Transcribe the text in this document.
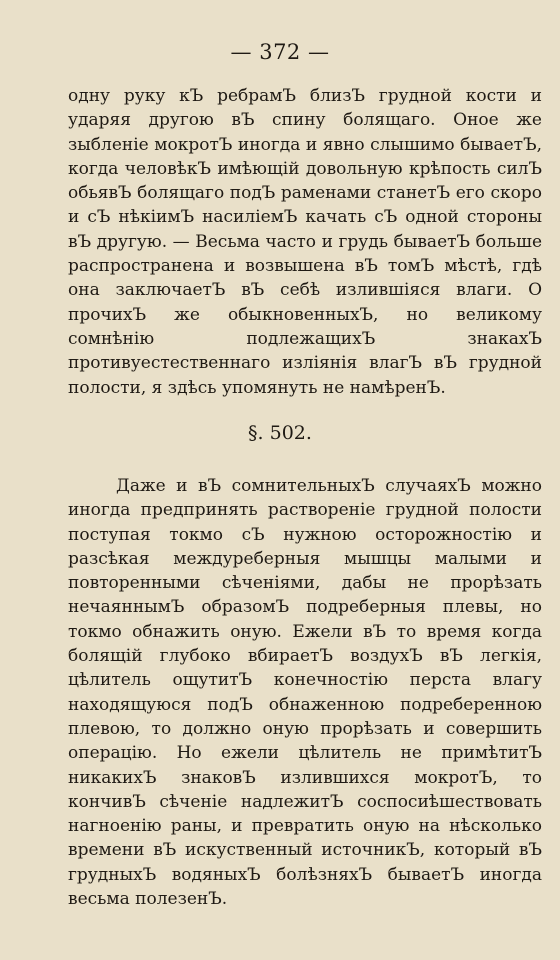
— 372 —

одну руку кЪ ребрамЪ близЪ грудной кости и ударяя другою вЪ спину болящаго. Оное же зыбленіе мокротЪ иногда и явно слышимо бываетЪ, когда человѣкЪ имѣющій довольную крѣпость силЪ обьявЪ болящаго подЪ раменами станетЪ его скоро и сЪ нѣкіимЪ насиліемЪ качать сЪ одной стороны вЪ другую. — Весьма часто и грудь бываетЪ больше распространена и возвышена вЪ томЪ мѣстѣ, гдѣ она заключаетЪ вЪ себѣ излившіяся влаги. О прочихЪ же обыкновенныхЪ, но великому сомнѣнію подлежащихЪ знакахЪ противуестественнаго изліянія влагЪ вЪ грудной полости, я здѣсь упомянуть не намѣренЪ.

§. 502.

Даже и вЪ сомнительныхЪ случаяхЪ можно иногда предпринять раствореніе грудной полости поступая токмо сЪ нужною осторожностію и разсѣкая междуреберныя мышцы малыми и повторенными сѣченіями, дабы не прорѣзать нечаяннымЪ образомЪ подреберныя плевы, но токмо обнажить оную. Ежели вЪ то время когда болящій глубоко вбираетЪ воздухЪ вЪ легкія, цѣлитель ощутитЪ конечностію перста влагу находящуюся подЪ обнаженною подреберенною плевою, то должно оную прорѣзать и совершить операцію. Но ежели цѣлитель не примѣтитЪ никакихЪ знаковЪ излившихся мокротЪ, то кончивЪ сѣченіе надлежитЪ соспосиѣшествовать нагноенію раны, и превратить оную на нѣсколько времени вЪ искуственный источникЪ, который вЪ грудныхЪ водяныхЪ болѣзняхЪ бываетЪ иногда весьма полезенЪ.
